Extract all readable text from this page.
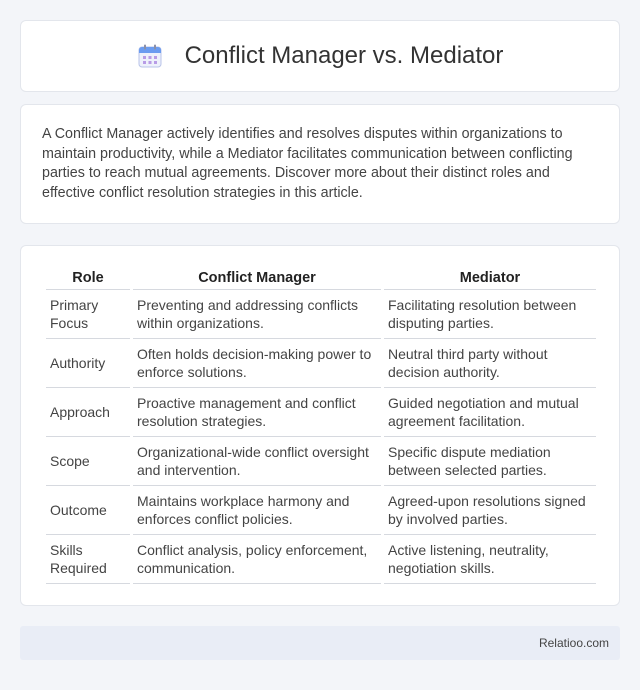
Conflict Manager vs. Mediator

A Conflict Manager actively identifies and resolves disputes within organizations to maintain productivity, while a Mediator facilitates communication between conflicting parties to reach mutual agreements. Discover more about their distinct roles and effective conflict resolution strategies in this article.

Role	Conflict Manager	Mediator
Primary Focus	Preventing and addressing conflicts within organizations.	Facilitating resolution between disputing parties.
Authority	Often holds decision-making power to enforce solutions.	Neutral third party without decision authority.
Approach	Proactive management and conflict resolution strategies.	Guided negotiation and mutual agreement facilitation.
Scope	Organizational-wide conflict oversight and intervention.	Specific dispute mediation between selected parties.
Outcome	Maintains workplace harmony and enforces conflict policies.	Agreed-upon resolutions signed by involved parties.
Skills Required	Conflict analysis, policy enforcement, communication.	Active listening, neutrality, negotiation skills.
Relatioo.com
